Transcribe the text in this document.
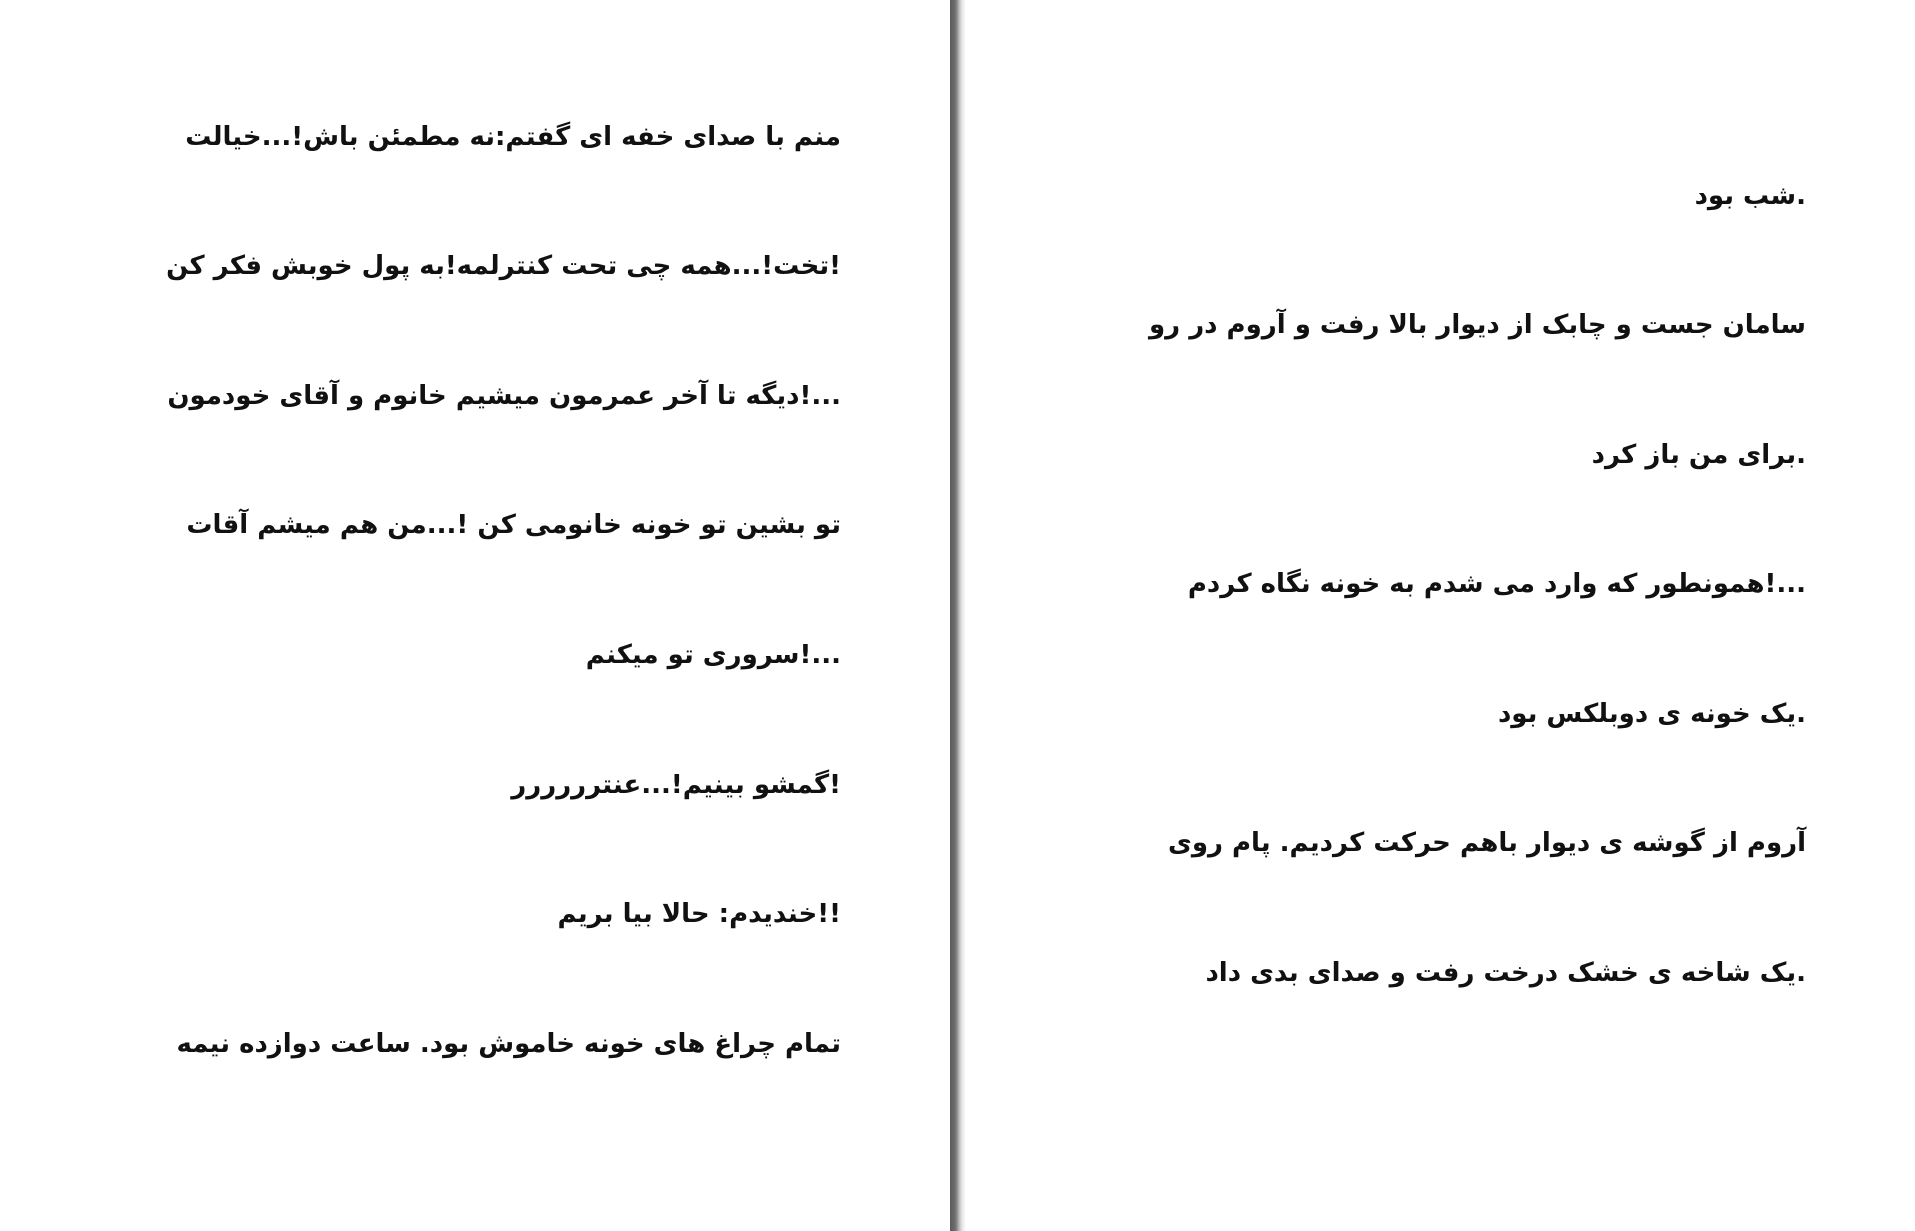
منم با صدای خفه ای گفتم:نه مطمئن باش!...خیالت
!تخت!...همه چی تحت کنترلمه!به پول خوبش فکر کن
...!دیگه تا آخر عمرمون میشیم خانوم و آقای خودمون
تو بشین تو خونه خانومی کن !...من هم میشم آقات
...!سروری تو میکنم
!گمشو بینیم!...عنترررررر
!!خندیدم: حالا بیا بریم
تمام چراغ های خونه خاموش بود. ساعت دوازده نیمه
.شب بود
سامان جست و چابک از دیوار بالا رفت و آروم در رو
.برای من باز کرد
...!همونطور که وارد می شدم به خونه نگاه کردم
.یک خونه ی دوبلکس بود
آروم از گوشه ی دیوار باهم حرکت کردیم. پام روی
.یک شاخه ی خشک درخت رفت و صدای بدی داد
